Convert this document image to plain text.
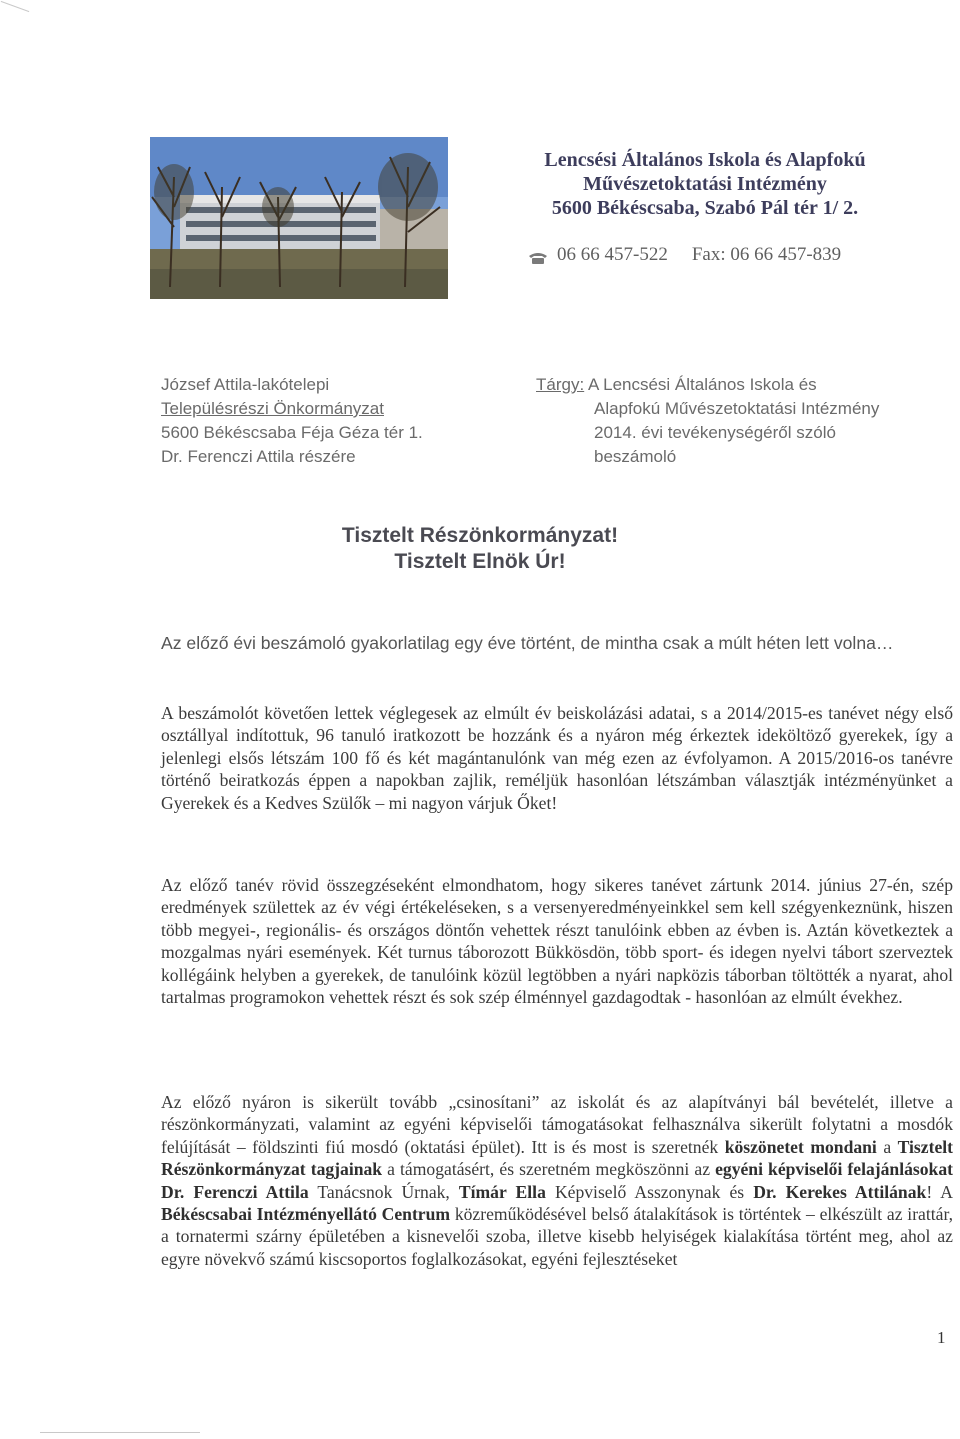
Lencsési Általános Iskola és Alapfokú
Művészetoktatási Intézmény
5600 Békéscsaba, Szabó Pál tér 1/ 2.
06 66 457-522 Fax: 06 66 457-839
József Attila-lakótelepi
Településrészi Önkormányzat
5600 Békéscsaba Féja Géza tér 1.
Dr. Ferenczi Attila részére
Tárgy: A Lencsési Általános Iskola és
Alapfokú Művészetoktatási Intézmény
2014. évi tevékenységéről szóló
beszámoló
Tisztelt Részönkormányzat!
Tisztelt Elnök Úr!
Az előző évi beszámoló gyakorlatilag egy éve történt, de mintha csak a múlt héten lett volna…
A beszámolót követően lettek véglegesek az elmúlt év beiskolázási adatai, s a 2014/2015-es tanévet négy első osztállyal indítottuk, 96 tanuló iratkozott be hozzánk és a nyáron még érkeztek ideköltöző gyerekek, így a jelenlegi elsős létszám 100 fő és két magántanulónk van még ezen az évfolyamon. A 2015/2016-os tanévre történő beiratkozás éppen a napokban zajlik, reméljük hasonlóan létszámban választják intézményünket a Gyerekek és a Kedves Szülők – mi nagyon várjuk Őket!
Az előző tanév rövid összegzéseként elmondhatom, hogy sikeres tanévet zártunk 2014. június 27-én, szép eredmények születtek az év végi értékeléseken, s a versenyeredményeinkkel sem kell szégyenkeznünk, hiszen több megyei-, regionális- és országos döntőn vehettek részt tanulóink ebben az évben is. Aztán következtek a mozgalmas nyári események. Két turnus táborozott Bükkösdön, több sport- és idegen nyelvi tábort szerveztek kollégáink helyben a gyerekek, de tanulóink közül legtöbben a nyári napközis táborban töltötték a nyarat, ahol tartalmas programokon vehettek részt és sok szép élménnyel gazdagodtak - hasonlóan az elmúlt évekhez.
Az előző nyáron is sikerült tovább „csinosítani” az iskolát és az alapítványi bál bevételét, illetve a részönkormányzati, valamint az egyéni képviselői támogatásokat felhasználva sikerült folytatni a mosdók felújítását – földszinti fiú mosdó (oktatási épület). Itt is és most is szeretnék köszönetet mondani a Tisztelt Részönkormányzat tagjainak a támogatásért, és szeretném megköszönni az egyéni képviselői felajánlásokat Dr. Ferenczi Attila Tanácsnok Úrnak, Tímár Ella Képviselő Asszonynak és Dr. Kerekes Attilának! A Békéscsabai Intézményellátó Centrum közreműködésével belső átalakítások is történtek – elkészült az irattár, a tornatermi szárny épületében a kisnevelői szoba, illetve kisebb helyiségek kialakítása történt meg, ahol az egyre növekvő számú kiscsoportos foglalkozásokat, egyéni fejlesztéseket
1
